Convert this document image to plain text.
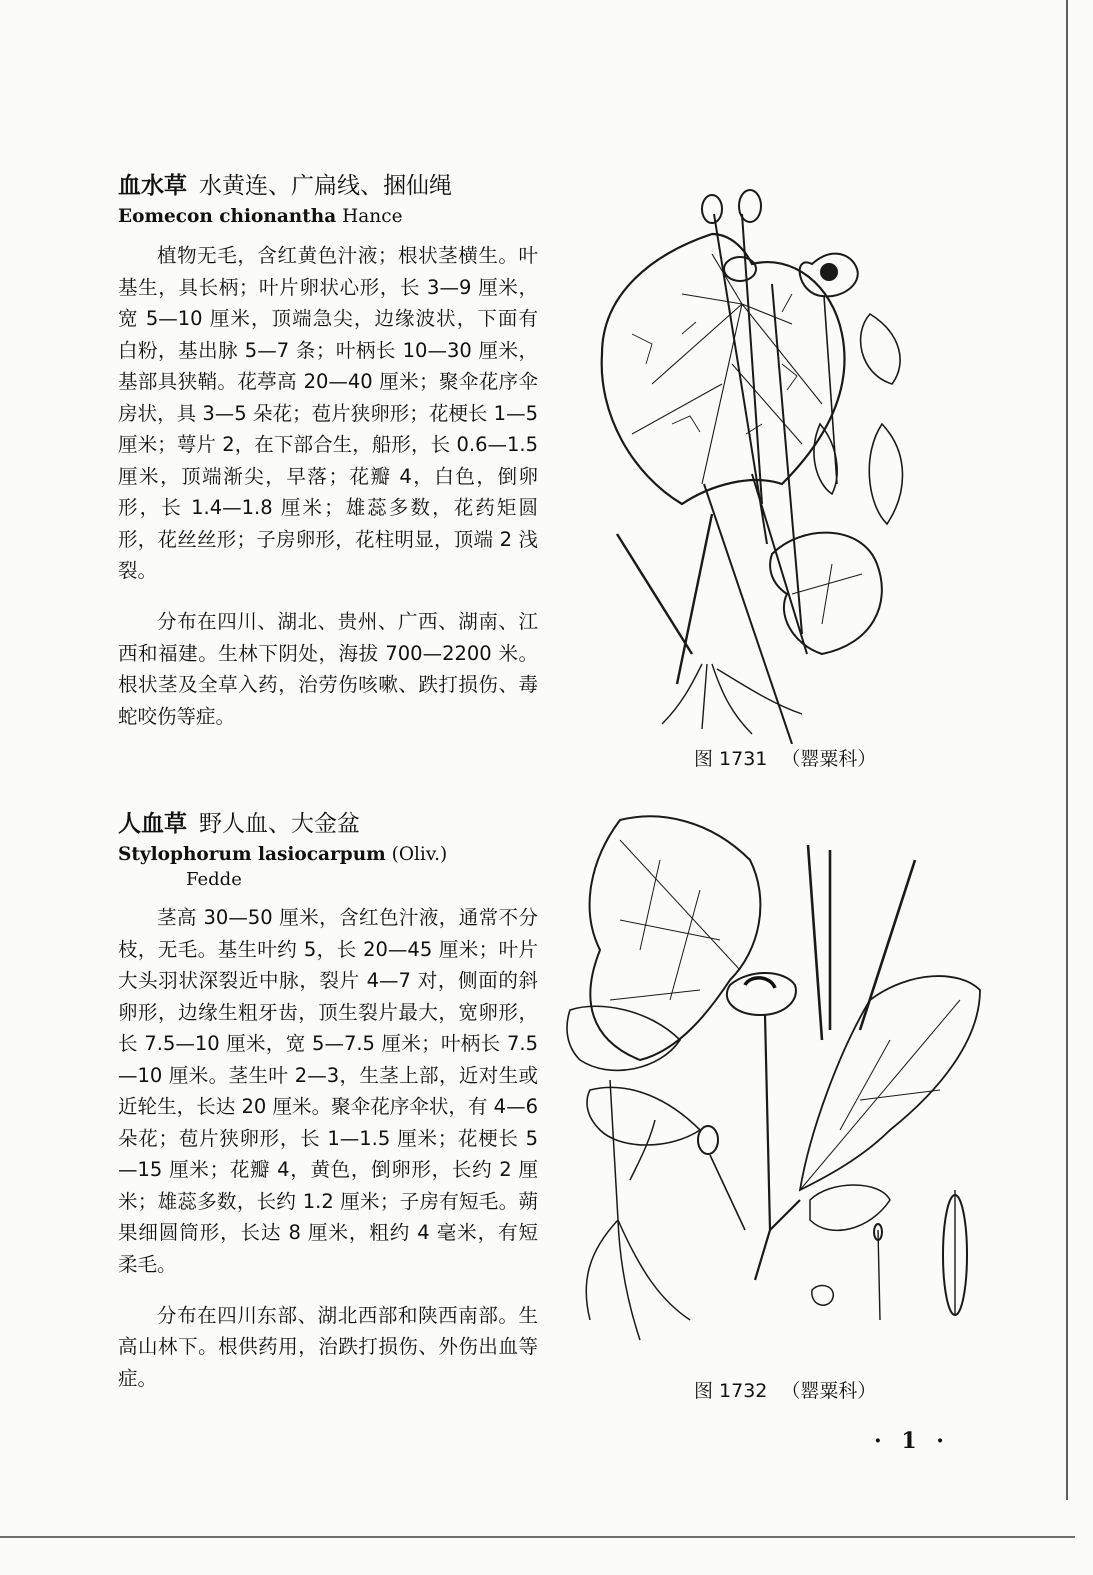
血水草 水黄连、广扁线、捆仙绳
Eomecon chionantha Hance

植物无毛，含红黄色汁液；根状茎横生。叶基生，具长柄；叶片卵状心形，长 3—9 厘米，宽 5—10 厘米，顶端急尖，边缘波状，下面有白粉，基出脉 5—7 条；叶柄长 10—30 厘米，基部具狭鞘。花葶高 20—40 厘米；聚伞花序伞房状，具 3—5 朵花；苞片狭卵形；花梗长 1—5 厘米；萼片 2，在下部合生，船形，长 0.6—1.5 厘米，顶端渐尖，早落；花瓣 4，白色，倒卵形，长 1.4—1.8 厘米；雄蕊多数，花药矩圆形，花丝丝形；子房卵形，花柱明显，顶端 2 浅裂。

分布在四川、湖北、贵州、广西、湖南、江西和福建。生林下阴处，海拔 700—2200 米。根状茎及全草入药，治劳伤咳嗽、跌打损伤、毒蛇咬伤等症。

图 1731 （罂粟科）
人血草 野人血、大金盆
Stylophorum lasiocarpum (Oliv.)
Fedde

茎高 30—50 厘米，含红色汁液，通常不分枝，无毛。基生叶约 5，长 20—45 厘米；叶片大头羽状深裂近中脉，裂片 4—7 对，侧面的斜卵形，边缘生粗牙齿，顶生裂片最大，宽卵形，长 7.5—10 厘米，宽 5—7.5 厘米；叶柄长 7.5—10 厘米。茎生叶 2—3，生茎上部，近对生或近轮生，长达 20 厘米。聚伞花序伞状，有 4—6 朵花；苞片狭卵形，长 1—1.5 厘米；花梗长 5—15 厘米；花瓣 4，黄色，倒卵形，长约 2 厘米；雄蕊多数，长约 1.2 厘米；子房有短毛。蒴果细圆筒形，长达 8 厘米，粗约 4 毫米，有短柔毛。

分布在四川东部、湖北西部和陕西南部。生高山林下。根供药用，治跌打损伤、外伤出血等症。

图 1732 （罂粟科）
· 1 ·
